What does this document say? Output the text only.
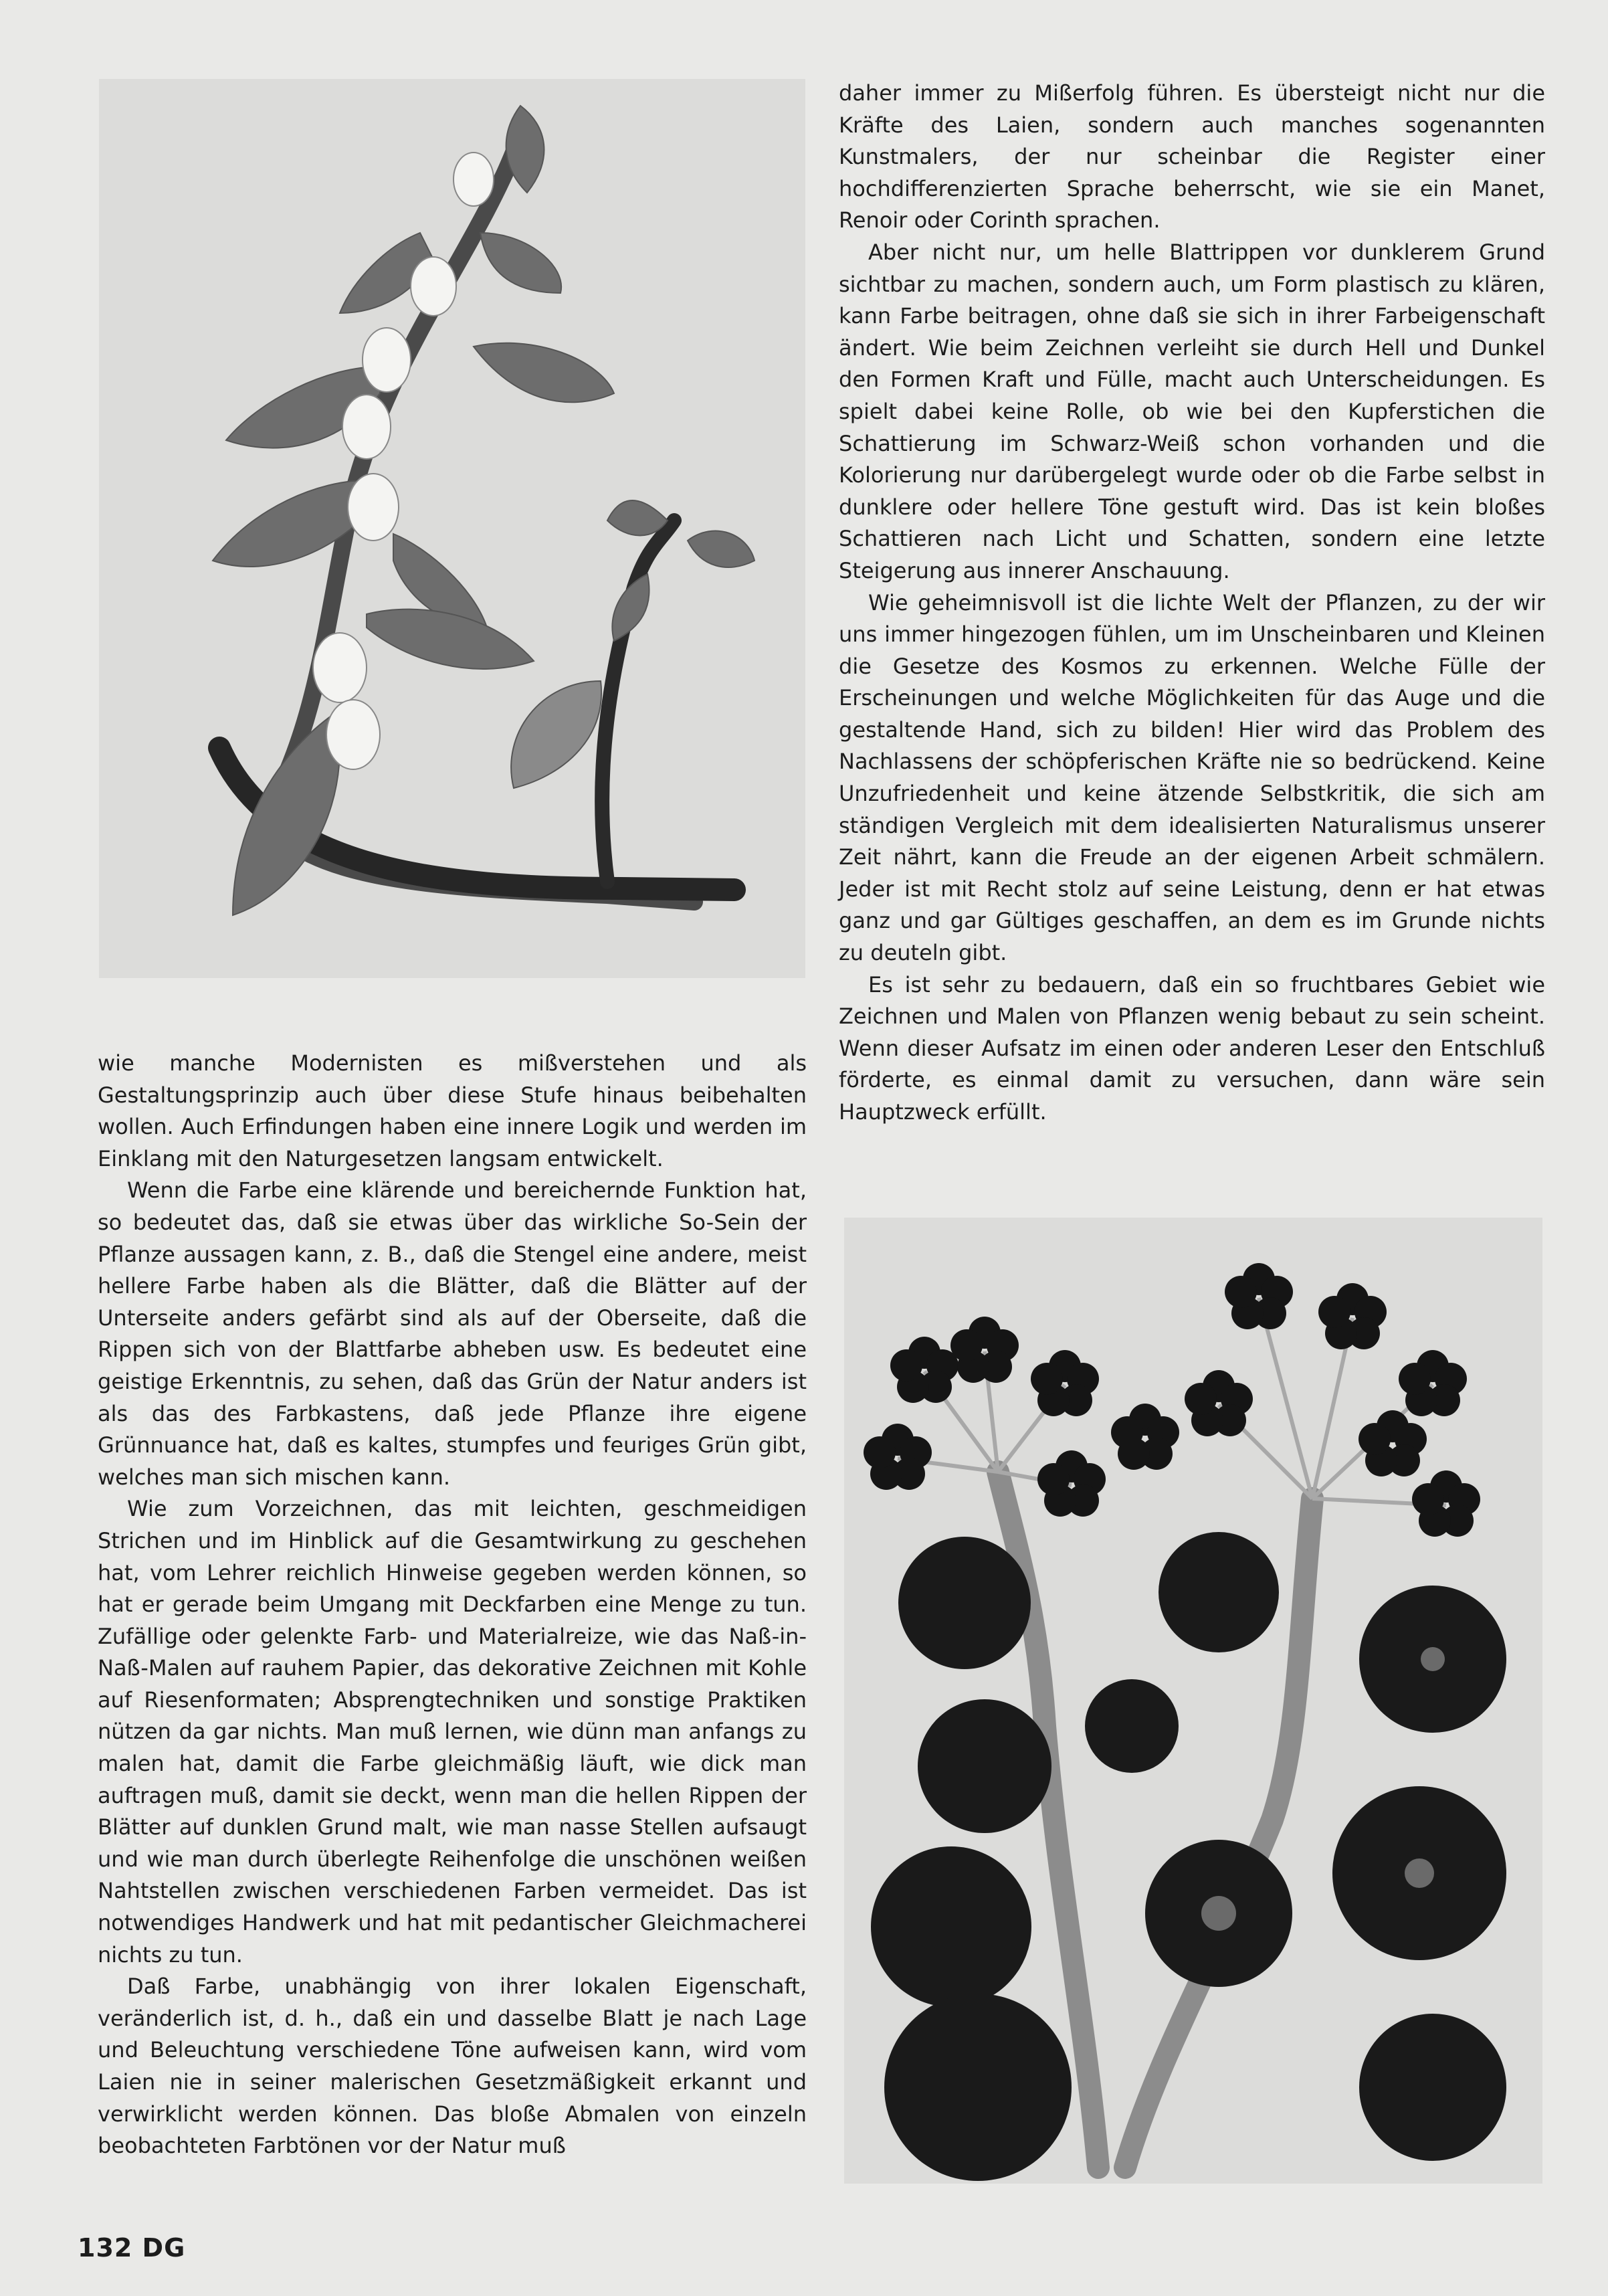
wie manche Modernisten es mißverstehen und als Gestaltungsprinzip auch über diese Stufe hinaus beibehalten wollen. Auch Erfindungen haben eine innere Logik und werden im Einklang mit den Naturgesetzen langsam entwickelt.

Wenn die Farbe eine klärende und bereichernde Funktion hat, so bedeutet das, daß sie etwas über das wirkliche So-Sein der Pflanze aussagen kann, z. B., daß die Stengel eine andere, meist hellere Farbe haben als die Blätter, daß die Blätter auf der Unterseite anders gefärbt sind als auf der Oberseite, daß die Rippen sich von der Blattfarbe abheben usw. Es bedeutet eine geistige Erkenntnis, zu sehen, daß das Grün der Natur anders ist als das des Farbkastens, daß jede Pflanze ihre eigene Grünnuance hat, daß es kaltes, stumpfes und feuriges Grün gibt, welches man sich mischen kann.

Wie zum Vorzeichnen, das mit leichten, geschmeidigen Strichen und im Hinblick auf die Gesamtwirkung zu geschehen hat, vom Lehrer reichlich Hinweise gegeben werden können, so hat er gerade beim Umgang mit Deckfarben eine Menge zu tun. Zufällige oder gelenkte Farb- und Materialreize, wie das Naß-in-Naß-Malen auf rauhem Papier, das dekorative Zeichnen mit Kohle auf Riesenformaten; Absprengtechniken und sonstige Praktiken nützen da gar nichts. Man muß lernen, wie dünn man anfangs zu malen hat, damit die Farbe gleichmäßig läuft, wie dick man auftragen muß, damit sie deckt, wenn man die hellen Rippen der Blätter auf dunklen Grund malt, wie man nasse Stellen aufsaugt und wie man durch überlegte Reihenfolge die unschönen weißen Nahtstellen zwischen verschiedenen Farben vermeidet. Das ist notwendiges Handwerk und hat mit pedantischer Gleichmacherei nichts zu tun.

Daß Farbe, unabhängig von ihrer lokalen Eigenschaft, veränderlich ist, d. h., daß ein und dasselbe Blatt je nach Lage und Beleuchtung verschiedene Töne aufweisen kann, wird vom Laien nie in seiner malerischen Gesetzmäßigkeit erkannt und verwirklicht werden können. Das bloße Abmalen von einzeln beobachteten Farbtönen vor der Natur muß

daher immer zu Mißerfolg führen. Es übersteigt nicht nur die Kräfte des Laien, sondern auch manches sogenannten Kunstmalers, der nur scheinbar die Register einer hochdifferenzierten Sprache beherrscht, wie sie ein Manet, Renoir oder Corinth sprachen.

Aber nicht nur, um helle Blattrippen vor dunklerem Grund sichtbar zu machen, sondern auch, um Form plastisch zu klären, kann Farbe beitragen, ohne daß sie sich in ihrer Farbeigenschaft ändert. Wie beim Zeichnen verleiht sie durch Hell und Dunkel den Formen Kraft und Fülle, macht auch Unterscheidungen. Es spielt dabei keine Rolle, ob wie bei den Kupferstichen die Schattierung im Schwarz-Weiß schon vorhanden und die Kolorierung nur darübergelegt wurde oder ob die Farbe selbst in dunklere oder hellere Töne gestuft wird. Das ist kein bloßes Schattieren nach Licht und Schatten, sondern eine letzte Steigerung aus innerer Anschauung.

Wie geheimnisvoll ist die lichte Welt der Pflanzen, zu der wir uns immer hingezogen fühlen, um im Unscheinbaren und Kleinen die Gesetze des Kosmos zu erkennen. Welche Fülle der Erscheinungen und welche Möglichkeiten für das Auge und die gestaltende Hand, sich zu bilden! Hier wird das Problem des Nachlassens der schöpferischen Kräfte nie so bedrückend. Keine Unzufriedenheit und keine ätzende Selbstkritik, die sich am ständigen Vergleich mit dem idealisierten Naturalismus unserer Zeit nährt, kann die Freude an der eigenen Arbeit schmälern. Jeder ist mit Recht stolz auf seine Leistung, denn er hat etwas ganz und gar Gültiges geschaffen, an dem es im Grunde nichts zu deuteln gibt.

Es ist sehr zu bedauern, daß ein so fruchtbares Gebiet wie Zeichnen und Malen von Pflanzen wenig bebaut zu sein scheint. Wenn dieser Aufsatz im einen oder anderen Leser den Entschluß förderte, es einmal damit zu versuchen, dann wäre sein Hauptzweck erfüllt.

132 DG
